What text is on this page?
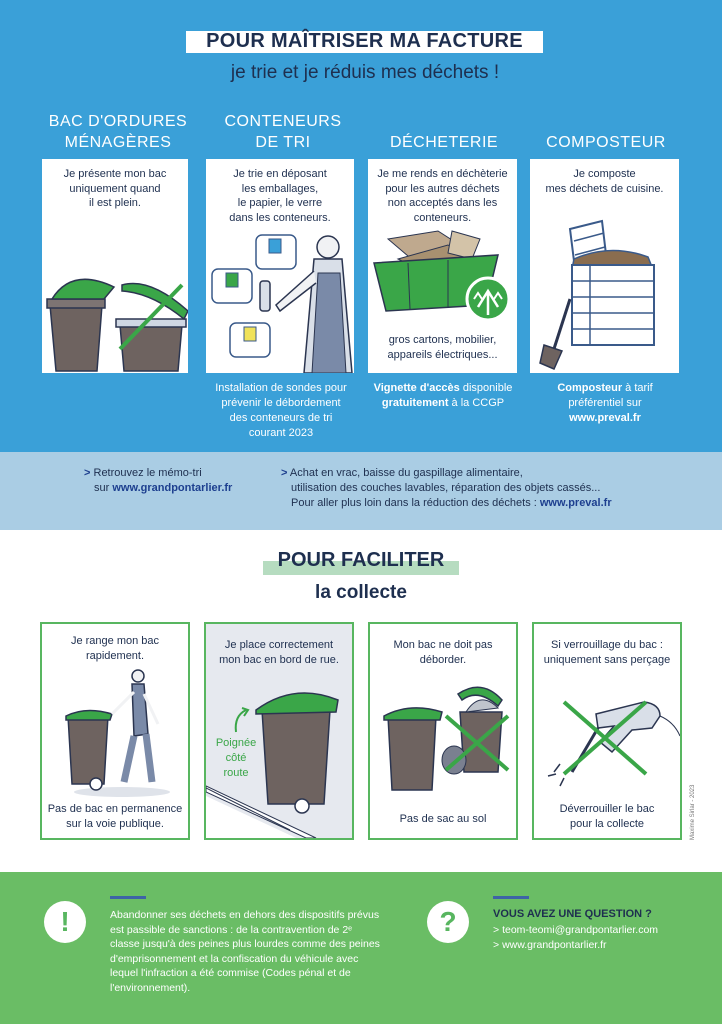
POUR MAÎTRISER MA FACTURE
je trie et je réduis mes déchets !
BAC D'ORDURES
MÉNAGÈRES
CONTENEURS
DE TRI	DÉCHETERIE	COMPOSTEUR
Je présente mon bac
uniquement quand
il est plein.
Je trie en déposant
les emballages,
le papier, le verre
dans les conteneurs.
Je me rends en déchèterie
pour les autres déchets
non acceptés dans les
conteneurs.
gros cartons, mobilier,
appareils électriques...
Je composte
mes déchets de cuisine.
Installation de sondes pour
prévenir le débordement
des conteneurs de tri
courant 2023
Vignette d'accès disponible
gratuitement à la CCGP
Composteur à tarif
préférentiel sur
www.preval.fr
> Retrouvez le mémo-tri
sur www.grandpontarlier.fr
> Achat en vrac, baisse du gaspillage alimentaire,
utilisation des couches lavables, réparation des objets cassés...
Pour aller plus loin dans la réduction des déchets : www.preval.fr
POUR FACILITER
la collecte
Je range mon bac
rapidement.
Pas de bac en permanence
sur la voie publique.
Je place correctement
mon bac en bord de rue.
Poignée
côté
route
Mon bac ne doit pas
déborder.
Pas de sac au sol
Si verrouillage du bac :
uniquement sans perçage
Déverrouiller le bac
pour la collecte	Maxime Sirlar - 2023
!	Abandonner ses déchets en dehors des dispositifs prévus
est passible de sanctions : de la contravention de 2ᵉ
classe jusqu'à des peines plus lourdes comme des peines
d'emprisonnement et la confiscation du véhicule avec
lequel l'infraction a été commise (Codes pénal et de
l'environnement).
?	VOUS AVEZ UNE QUESTION ?
> teom-teomi@grandpontarlier.com
> www.grandpontarlier.fr
